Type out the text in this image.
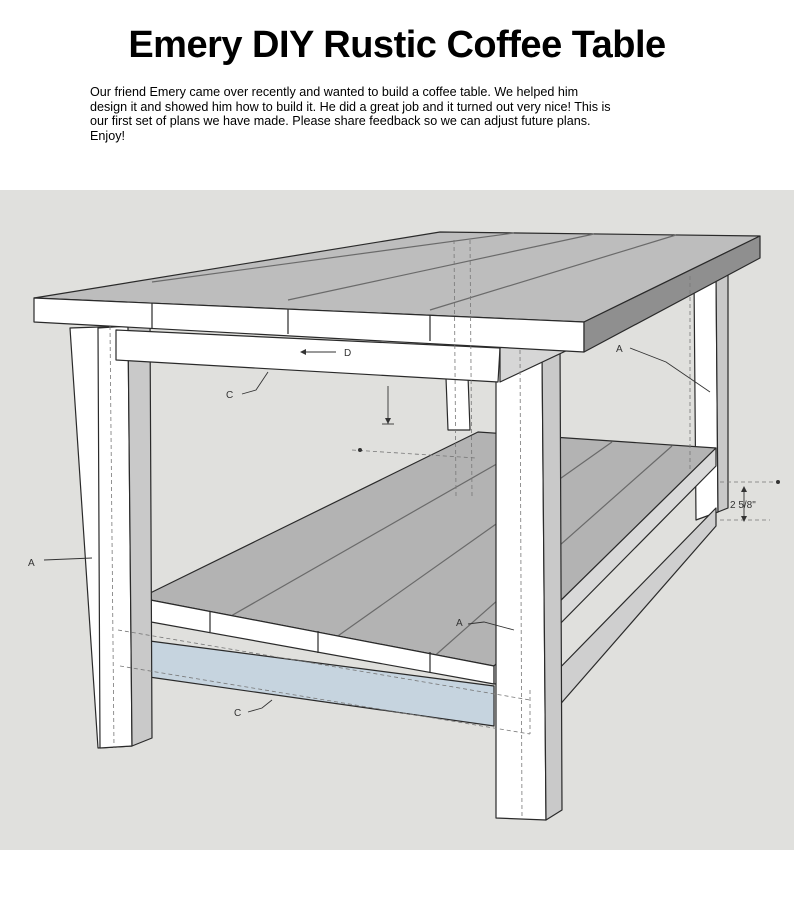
Emery DIY Rustic Coffee Table

Our friend Emery came over recently and wanted to build a coffee table. We helped him
design it and showed him how to build it. He did a great job and it turned out very nice! This is
our first set of plans we have made. Please share feedback so we can adjust future plans.
Enjoy!

D
C
A
A
C
A
2 5/8"
